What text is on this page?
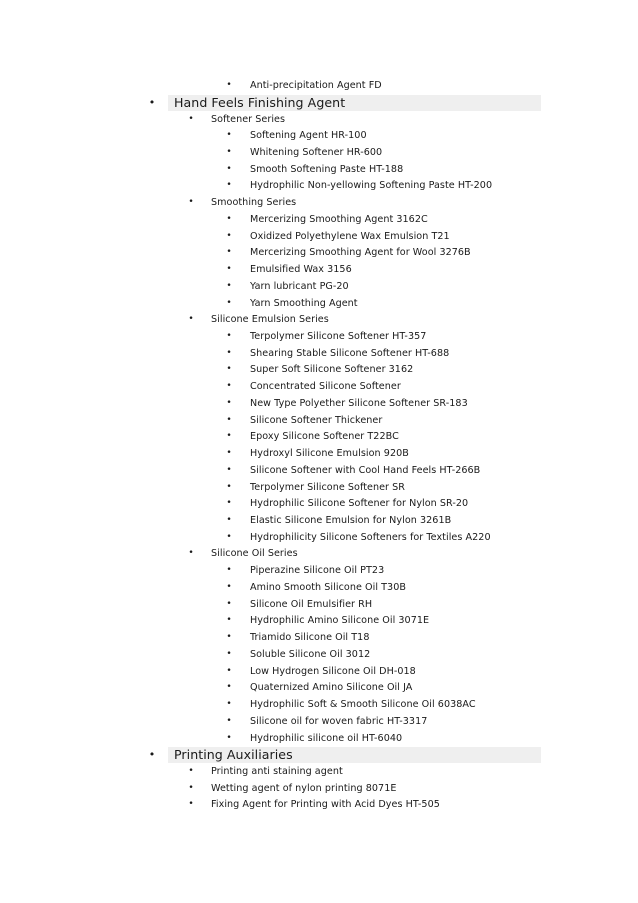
• Anti-precipitation Agent FD
• Hand Feels Finishing Agent
• Softener Series
• Softening Agent HR-100
• Whitening Softener HR-600
• Smooth Softening Paste HT-188
• Hydrophilic Non-yellowing Softening Paste HT-200
• Smoothing Series
• Mercerizing Smoothing Agent 3162C
• Oxidized Polyethylene Wax Emulsion T21
• Mercerizing Smoothing Agent for Wool 3276B
• Emulsified Wax 3156
• Yarn lubricant PG-20
• Yarn Smoothing Agent
• Silicone Emulsion Series
• Terpolymer Silicone Softener HT-357
• Shearing Stable Silicone Softener HT-688
• Super Soft Silicone Softener 3162
• Concentrated Silicone Softener
• New Type Polyether Silicone Softener SR-183
• Silicone Softener Thickener
• Epoxy Silicone Softener T22BC
• Hydroxyl Silicone Emulsion 920B
• Silicone Softener with Cool Hand Feels HT-266B
• Terpolymer Silicone Softener SR
• Hydrophilic Silicone Softener for Nylon SR-20
• Elastic Silicone Emulsion for Nylon 3261B
• Hydrophilicity Silicone Softeners for Textiles A220
• Silicone Oil Series
• Piperazine Silicone Oil PT23
• Amino Smooth Silicone Oil T30B
• Silicone Oil Emulsifier RH
• Hydrophilic Amino Silicone Oil 3071E
• Triamido Silicone Oil T18
• Soluble Silicone Oil 3012
• Low Hydrogen Silicone Oil DH-018
• Quaternized Amino Silicone Oil JA
• Hydrophilic Soft & Smooth Silicone Oil 6038AC
• Silicone oil for woven fabric HT-3317
• Hydrophilic silicone oil HT-6040
• Printing Auxiliaries
• Printing anti staining agent
• Wetting agent of nylon printing 8071E
• Fixing Agent for Printing with Acid Dyes HT-505
